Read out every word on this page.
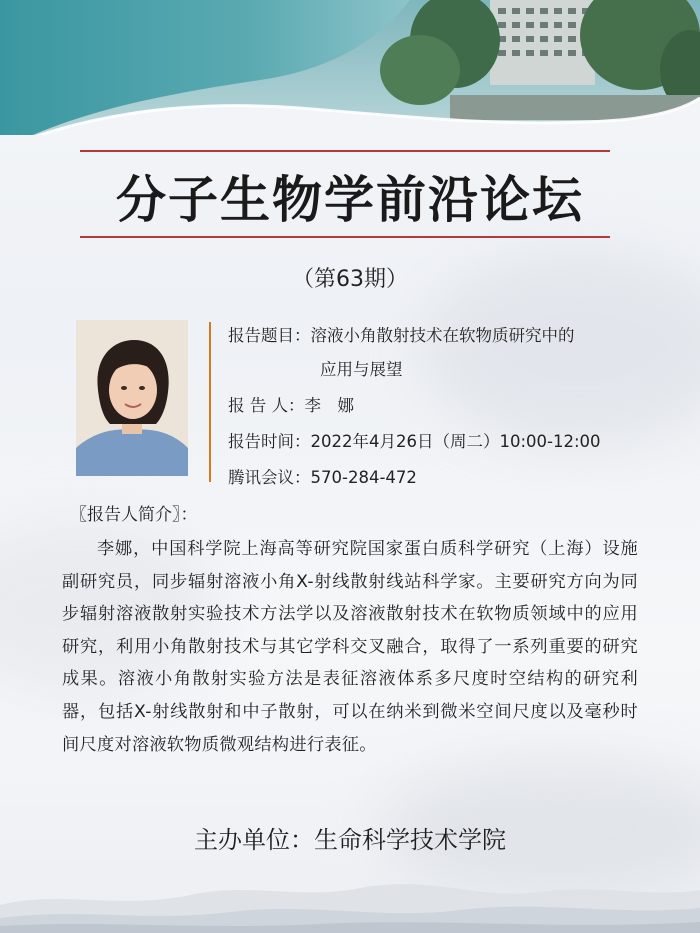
分子生物学前沿论坛
（第63期）
报告题目：溶液小角散射技术在软物质研究中的
应用与展望
报 告 人：李　娜
报告时间：2022年4月26日（周二）10:00-12:00
腾讯会议：570-284-472
〖报告人简介〗：
李娜，中国科学院上海高等研究院国家蛋白质科学研究（上海）设施副研究员，同步辐射溶液小角X-射线散射线站科学家。主要研究方向为同步辐射溶液散射实验技术方法学以及溶液散射技术在软物质领域中的应用研究，利用小角散射技术与其它学科交叉融合，取得了一系列重要的研究成果。溶液小角散射实验方法是表征溶液体系多尺度时空结构的研究利器，包括X-射线散射和中子散射，可以在纳米到微米空间尺度以及毫秒时间尺度对溶液软物质微观结构进行表征。
主办单位：生命科学技术学院
